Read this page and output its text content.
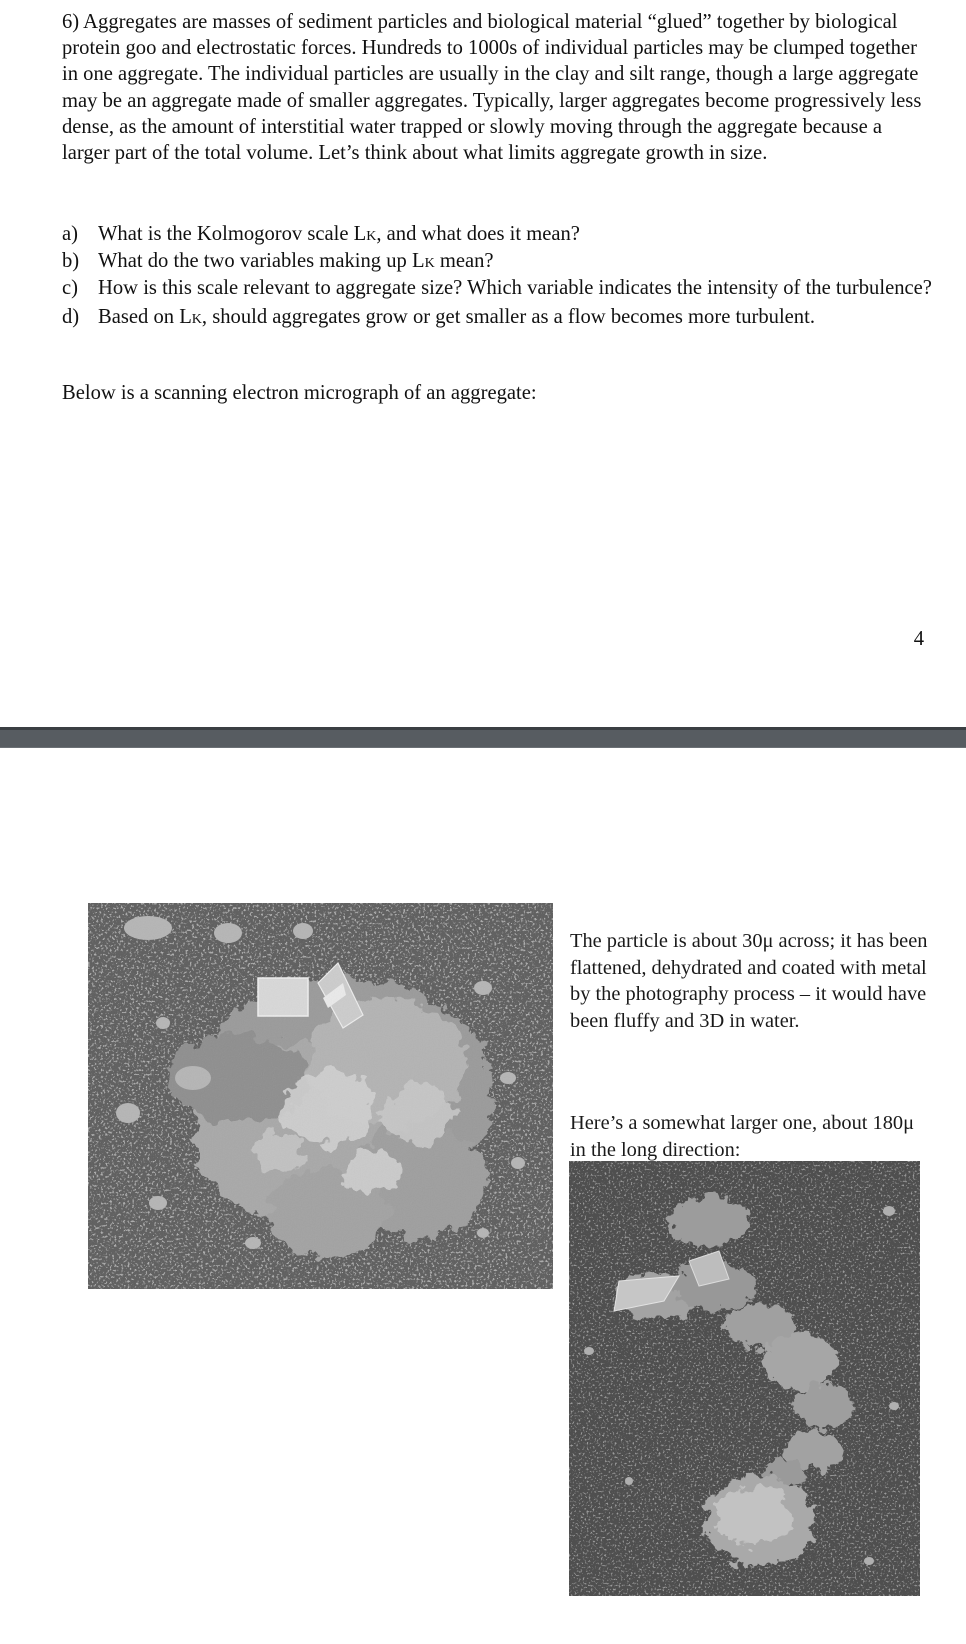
6) Aggregates are masses of sediment particles and biological material “glued” together by biological protein goo and electrostatic forces. Hundreds to 1000s of individual particles may be clumped together in one aggregate. The individual particles are usually in the clay and silt range, though a large aggregate may be an aggregate made of smaller aggregates. Typically, larger aggregates become progressively less dense, as the amount of interstitial water trapped or slowly moving through the aggregate because a larger part of the total volume. Let’s think about what limits aggregate growth in size.

a) What is the Kolmogorov scale Lk, and what does it mean?
b) What do the two variables making up Lk mean?
c) How is this scale relevant to aggregate size? Which variable indicates the intensity of the turbulence?
d) Based on Lk, should aggregates grow or get smaller as a flow becomes more turbulent.

Below is a scanning electron micrograph of an aggregate:

4

The particle is about 30μ across; it has been flattened, dehydrated and coated with metal by the photography process – it would have been fluffy and 3D in water.

Here’s a somewhat larger one, about 180μ in the long direction:
